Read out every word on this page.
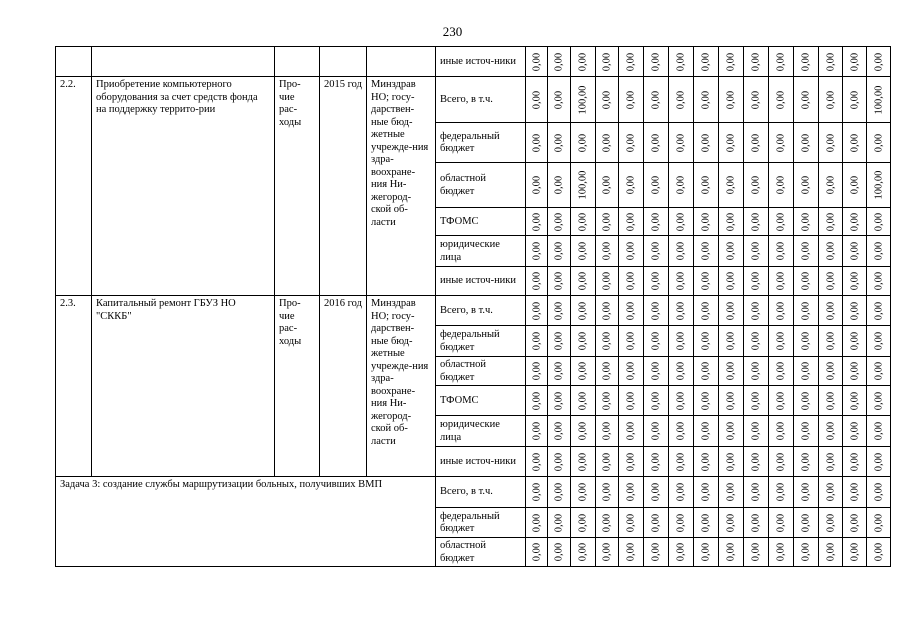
230
					иные источ-ники	0,00	0,00	0,00	0,00	0,00	0,00	0,00	0,00	0,00	0,00	0,00	0,00	0,00	0,00	0,00

2.2.	Приобретение компьютерного оборудования за счет средств фонда на поддержку террито-рии	Про-чие рас-ходы	2015 год	Минздрав НО; госу-дарствен-ные бюд-жетные учрежде-ния здра-воохране-ния Ни-жегород-ской об-ласти	Всего, в т.ч.	0,00	0,00	100,00	0,00	0,00	0,00	0,00	0,00	0,00	0,00	0,00	0,00	0,00	0,00	100,00

					федеральный бюджет	0,00	0,00	0,00	0,00	0,00	0,00	0,00	0,00	0,00	0,00	0,00	0,00	0,00	0,00	0,00

					областной бюджет	0,00	0,00	100,00	0,00	0,00	0,00	0,00	0,00	0,00	0,00	0,00	0,00	0,00	0,00	100,00

					ТФОМС	0,00	0,00	0,00	0,00	0,00	0,00	0,00	0,00	0,00	0,00	0,00	0,00	0,00	0,00	0,00

					юридические лица	0,00	0,00	0,00	0,00	0,00	0,00	0,00	0,00	0,00	0,00	0,00	0,00	0,00	0,00	0,00

					иные источ-ники	0,00	0,00	0,00	0,00	0,00	0,00	0,00	0,00	0,00	0,00	0,00	0,00	0,00	0,00	0,00

2.3.	Капитальный ремонт ГБУЗ НО "СККБ"	Про-чие рас-ходы	2016 год	Минздрав НО; госу-дарствен-ные бюд-жетные учрежде-ния здра-воохране-ния Ни-жегород-ской об-ласти	Всего, в т.ч.	0,00	0,00	0,00	0,00	0,00	0,00	0,00	0,00	0,00	0,00	0,00	0,00	0,00	0,00	0,00

					федеральный бюджет	0,00	0,00	0,00	0,00	0,00	0,00	0,00	0,00	0,00	0,00	0,00	0,00	0,00	0,00	0,00

					областной бюджет	0,00	0,00	0,00	0,00	0,00	0,00	0,00	0,00	0,00	0,00	0,00	0,00	0,00	0,00	0,00

					ТФОМС	0,00	0,00	0,00	0,00	0,00	0,00	0,00	0,00	0,00	0,00	0,00	0,00	0,00	0,00	0,00

					юридические лица	0,00	0,00	0,00	0,00	0,00	0,00	0,00	0,00	0,00	0,00	0,00	0,00	0,00	0,00	0,00

					иные источ-ники	0,00	0,00	0,00	0,00	0,00	0,00	0,00	0,00	0,00	0,00	0,00	0,00	0,00	0,00	0,00

Задача 3: создание службы маршрутизации больных, получивших ВМП					Всего, в т.ч.	0,00	0,00	0,00	0,00	0,00	0,00	0,00	0,00	0,00	0,00	0,00	0,00	0,00	0,00	0,00

					федеральный бюджет	0,00	0,00	0,00	0,00	0,00	0,00	0,00	0,00	0,00	0,00	0,00	0,00	0,00	0,00	0,00

					областной бюджет	0,00	0,00	0,00	0,00	0,00	0,00	0,00	0,00	0,00	0,00	0,00	0,00	0,00	0,00	0,00
